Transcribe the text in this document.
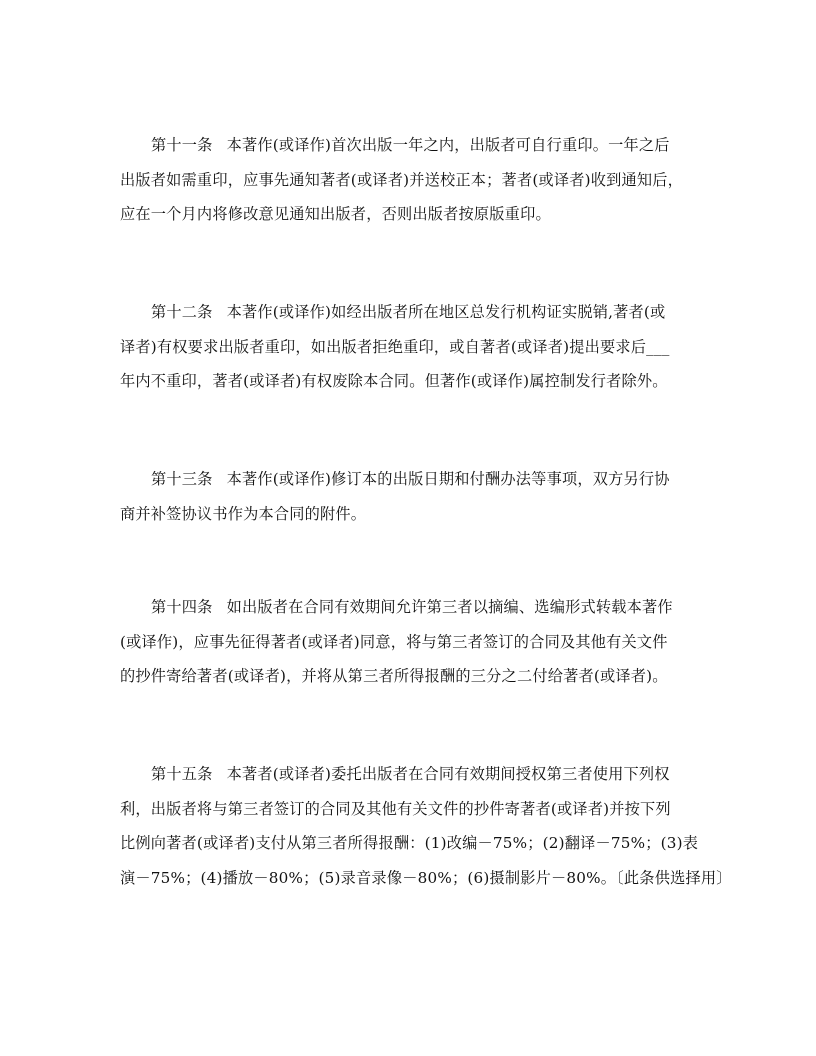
第十一条 本著作(或译作)首次出版一年之内，出版者可自行重印。一年之后
出版者如需重印，应事先通知著者(或译者)并送校正本；著者(或译者)收到通知后，
应在一个月内将修改意见通知出版者，否则出版者按原版重印。
第十二条 本著作(或译作)如经出版者所在地区总发行机构证实脱销,著者(或
译者)有权要求出版者重印，如出版者拒绝重印，或自著者(或译者)提出要求后___
年内不重印，著者(或译者)有权废除本合同。但著作(或译作)属控制发行者除外。
第十三条 本著作(或译作)修订本的出版日期和付酬办法等事项，双方另行协
商并补签协议书作为本合同的附件。
第十四条 如出版者在合同有效期间允许第三者以摘编、选编形式转载本著作
(或译作)，应事先征得著者(或译者)同意，将与第三者签订的合同及其他有关文件
的抄件寄给著者(或译者)，并将从第三者所得报酬的三分之二付给著者(或译者)。
第十五条 本著者(或译者)委托出版者在合同有效期间授权第三者使用下列权
利，出版者将与第三者签订的合同及其他有关文件的抄件寄著者(或译者)并按下列
比例向著者(或译者)支付从第三者所得报酬：(1)改编－75%；(2)翻译－75%；(3)表
演－75%；(4)播放－80%；(5)录音录像－80%；(6)摄制影片－80%。〔此条供选择用〕
